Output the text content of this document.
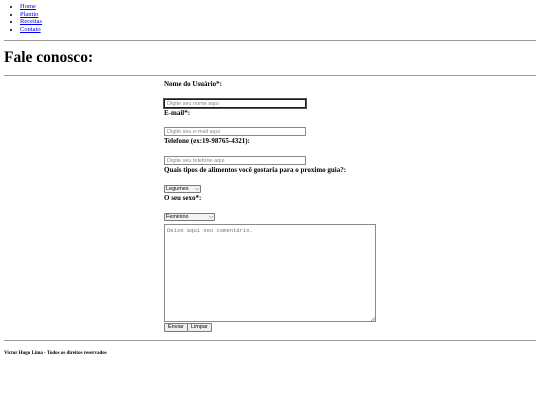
• Home
• Plantio
• Receitas
• Contato
Fale conosco:
Nome do Usuário*:
Digite seu nome aqui
E-mail*:
Digite seu e-mail aqui
Telefone (ex:19-98765-4321):
Digite seu telefone aqui
Quais tipos de alimentos você gostaria para o proximo guia?:
Legumes ⌵
O seu sexo*:
Feminino	⌵
Deixe aqui seu comentário.
Enviar	Limpar
Victor Hugo Lima - Todos os direitos reservados
